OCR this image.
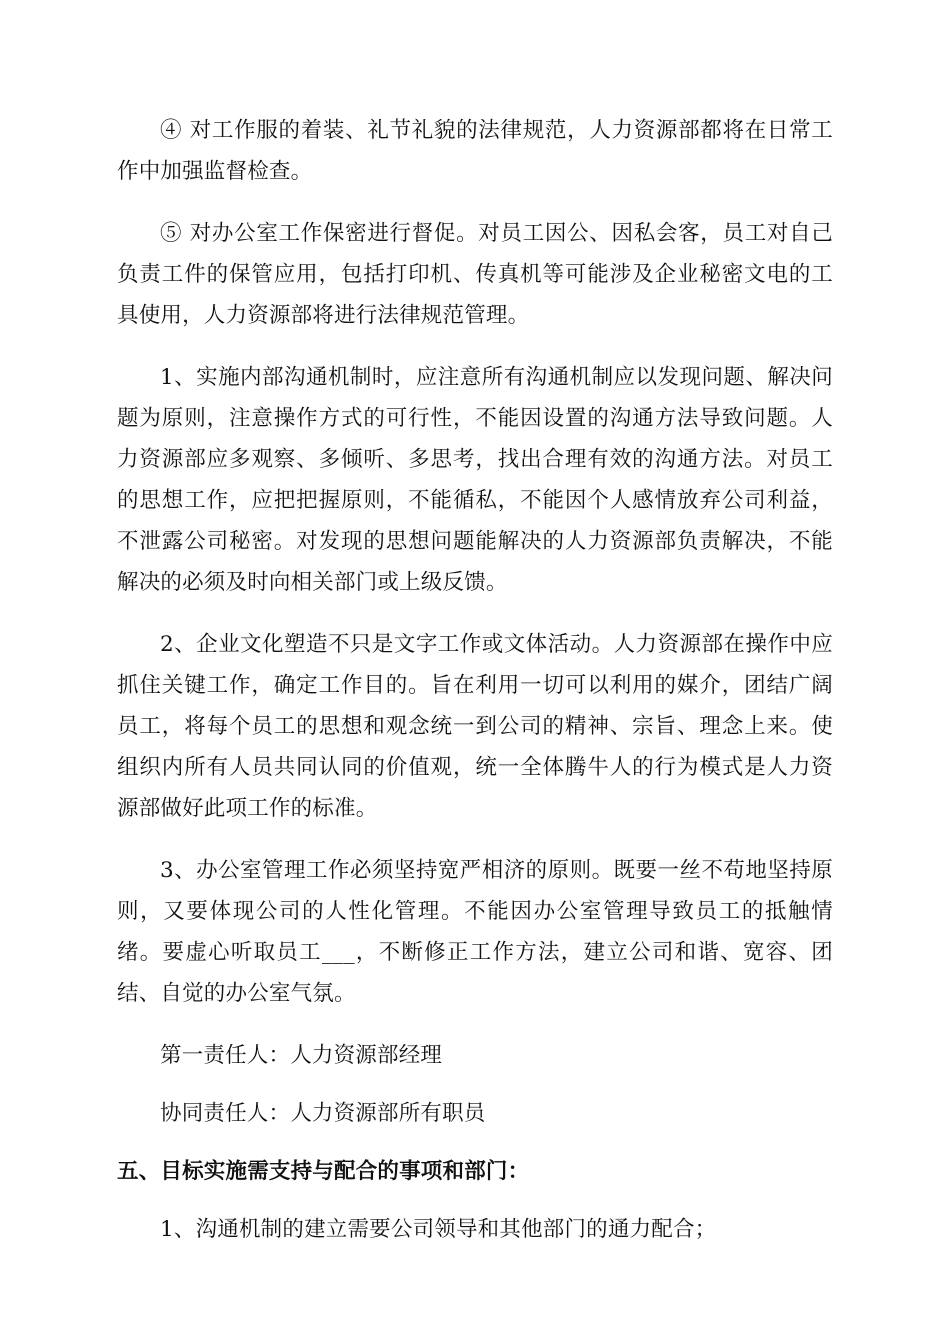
④ 对工作服的着装、礼节礼貌的法律规范，人力资源部都将在日常工作中加强监督检查。

⑤ 对办公室工作保密进行督促。对员工因公、因私会客，员工对自己负责工件的保管应用，包括打印机、传真机等可能涉及企业秘密文电的工具使用，人力资源部将进行法律规范管理。

1、实施内部沟通机制时，应注意所有沟通机制应以发现问题、解决问题为原则，注意操作方式的可行性，不能因设置的沟通方法导致问题。人力资源部应多观察、多倾听、多思考，找出合理有效的沟通方法。对员工的思想工作，应把把握原则，不能循私，不能因个人感情放弃公司利益，不泄露公司秘密。对发现的思想问题能解决的人力资源部负责解决，不能解决的必须及时向相关部门或上级反馈。

2、企业文化塑造不只是文字工作或文体活动。人力资源部在操作中应抓住关键工作，确定工作目的。旨在利用一切可以利用的媒介，团结广阔员工，将每个员工的思想和观念统一到公司的精神、宗旨、理念上来。使组织内所有人员共同认同的价值观，统一全体腾牛人的行为模式是人力资源部做好此项工作的标准。

3、办公室管理工作必须坚持宽严相济的原则。既要一丝不苟地坚持原则，又要体现公司的人性化管理。不能因办公室管理导致员工的抵触情绪。要虚心听取员工___，不断修正工作方法，建立公司和谐、宽容、团结、自觉的办公室气氛。

第一责任人：人力资源部经理

协同责任人：人力资源部所有职员

五、目标实施需支持与配合的事项和部门：

1、沟通机制的建立需要公司领导和其他部门的通力配合；
